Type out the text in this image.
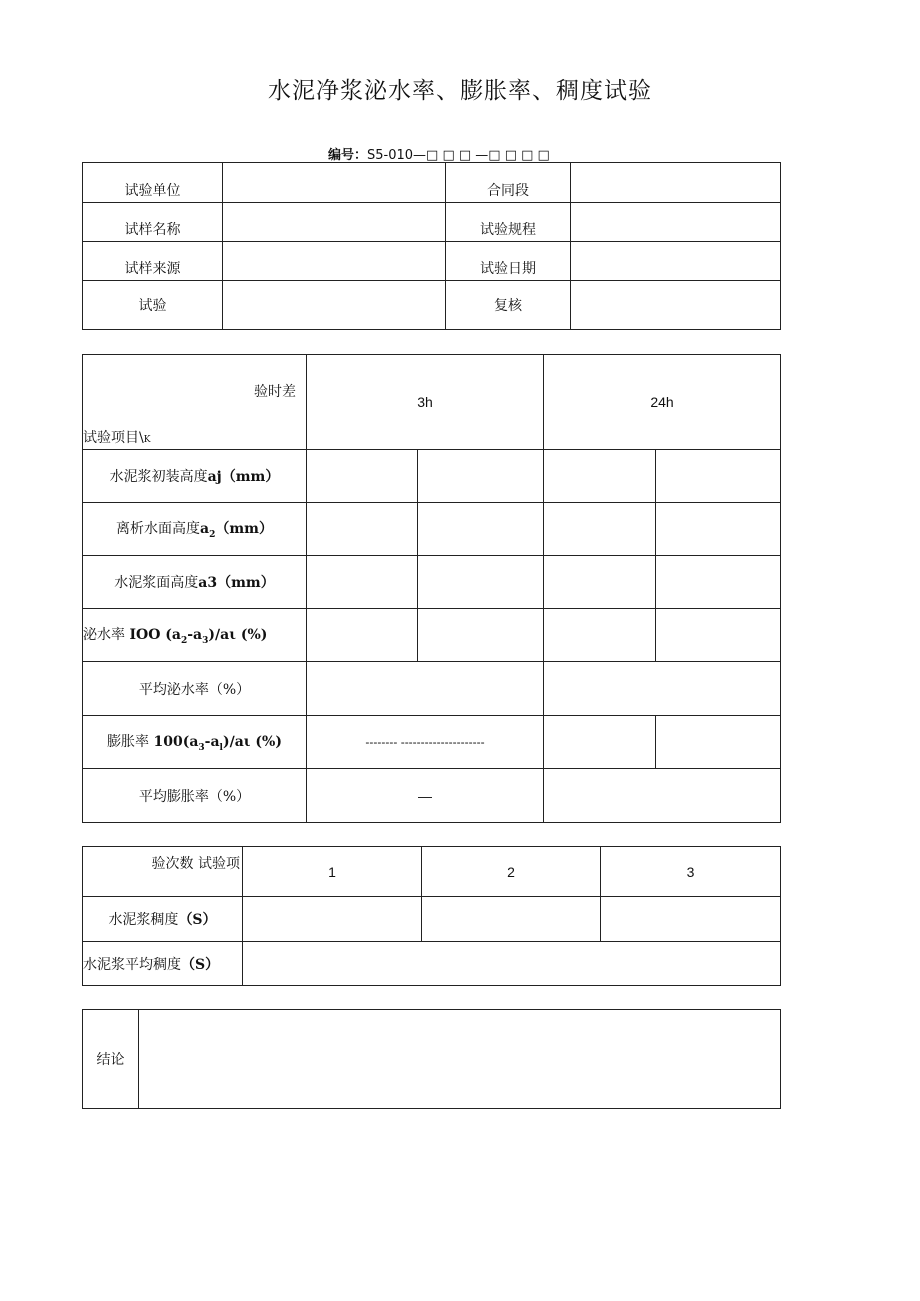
水泥净浆泌水率、膨胀率、稠度试验
编号：S5-010—□ □ □ —□ □ □ □
试验单位		合同段	

试样名称		试验规程	

试样来源		试验日期	

试验		复核	
验时差
试验项目\K	3h		24h	
水泥浆初装高度aj（mm）				
离析水面高度$a_2(mm)$				
水泥浆面高度a3（mm）				
泌水率 IOO $(a_2-a_3)∕a\iota$ (%)				
平均泌水率（%）				
膨胀率 $100(a_3-a_l)∕a\iota$ (%)	-------- ---------------------			
平均膨胀率（%）	—			
验次数 试验项	1	2	3
水泥浆稠度（S）			
水泥浆平均稠度（S）			
结论	
